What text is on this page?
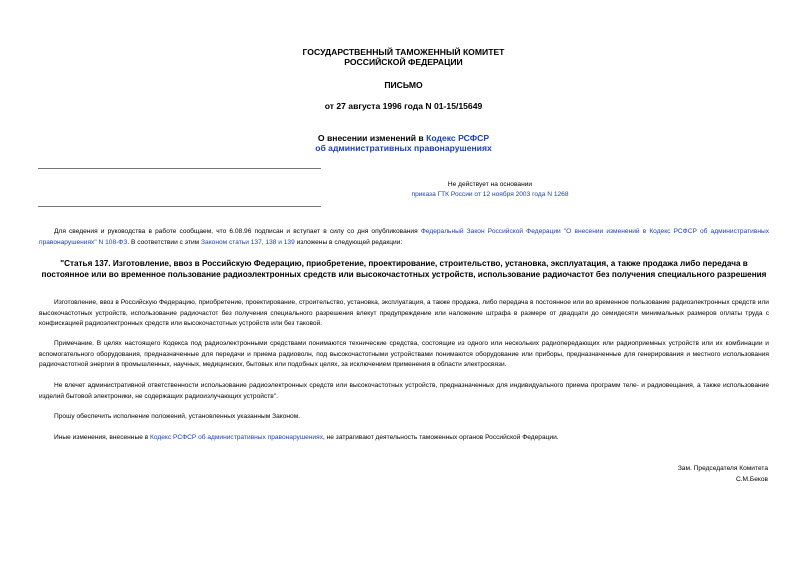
ГОСУДАРСТВЕННЫЙ ТАМОЖЕННЫЙ КОМИТЕТ
РОССИЙСКОЙ ФЕДЕРАЦИИ
ПИСЬМО
от 27 августа 1996 года N 01-15/15649
О внесении изменений в Кодекс РСФСР
об административных правонарушениях
Не действует на основании
приказа ГТК России от 12 ноября 2003 года N 1268
Для сведения и руководства в работе сообщаем, что 6.08.96 подписан и вступает в силу со дня опубликования Федеральный Закон Российской Федерации "О внесении изменений в Кодекс РСФСР об административных правонарушениях" N 108-ФЗ. В соответствии с этим Законом статьи 137, 138 и 139 изложены в следующей редакции:
"Статья 137. Изготовление, ввоз в Российскую Федерацию, приобретение, проектирование, строительство, установка, эксплуатация, а также продажа либо передача в постоянное или во временное пользование радиоэлектронных средств или высокочастотных устройств, использование радиочастот без получения специального разрешения
Изготовление, ввоз в Российскую Федерацию, приобретение, проектирование, строительство, установка, эксплуатация, а также продажа, либо передача в постоянное или во временное пользование радиоэлектронных средств или высокочастотных устройств, использование радиочастот без получения специального разрешения влекут предупреждение или наложение штрафа в размере от двадцати до семидесяти минимальных размеров оплаты труда с конфискацией радиоэлектронных средств или высокочастотных устройств или без таковой.
Примечание. В целях настоящего Кодекса под радиоэлектронными средствами понимаются технические средства, состоящие из одного или нескольких радиопередающих или радиоприемных устройств или их комбинации и вспомогательного оборудования, предназначенные для передачи и приема радиоволн, под высокочастотными устройствами понимаются оборудование или приборы, предназначенные для генерирования и местного использования радиочастотной энергии в промышленных, научных, медицинских, бытовых или подобных целях, за исключением применения в области электросвязи.
Не влечет административной ответственности использование радиоэлектронных средств или высокочастотных устройств, предназначенных для индивидуального приема программ теле- и радиовещания, а также использование изделий бытовой электроники, не содержащих радиоизлучающих устройств".
Прошу обеспечить исполнение положений, установленных указанным Законом.
Иные изменения, внесенные в Кодекс РСФСР об административных правонарушениях, не затрагивают деятельность таможенных органов Российской Федерации.
Зам. Председателя Комитета
С.М.Беков
